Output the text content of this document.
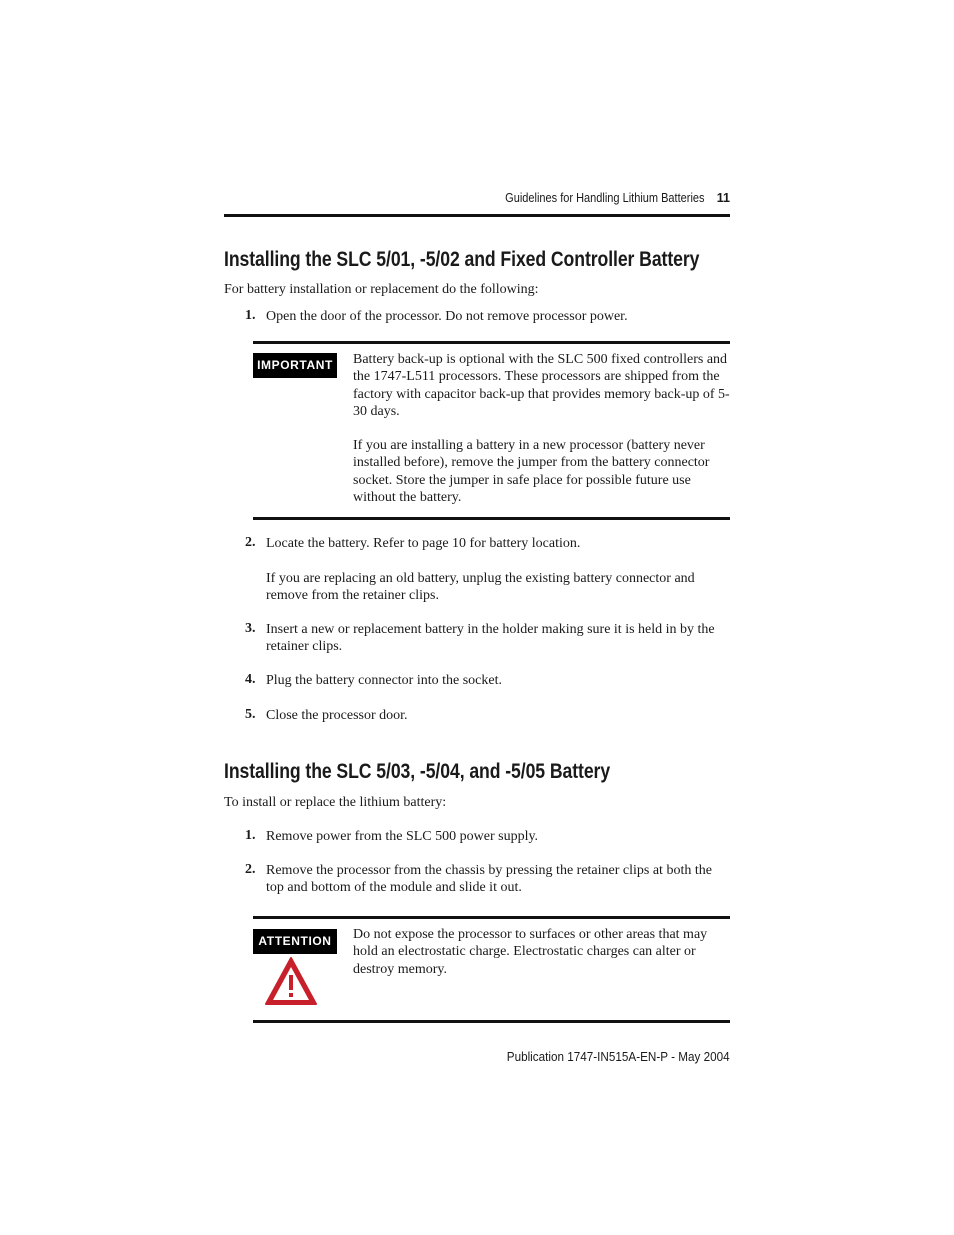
Guidelines for Handling Lithium Batteries 11
Installing the SLC 5/01, -5/02 and Fixed Controller Battery
For battery installation or replacement do the following:
1. Open the door of the processor. Do not remove processor power.
IMPORTANT Battery back-up is optional with the SLC 500 fixed controllers and the 1747-L511 processors. These processors are shipped from the factory with capacitor back-up that provides memory back-up of 5-30 days.
If you are installing a battery in a new processor (battery never installed before), remove the jumper from the battery connector socket. Store the jumper in safe place for possible future use without the battery.
2. Locate the battery. Refer to page 10 for battery location.
If you are replacing an old battery, unplug the existing battery connector and remove from the retainer clips.
3. Insert a new or replacement battery in the holder making sure it is held in by the retainer clips.
4. Plug the battery connector into the socket.
5. Close the processor door.
Installing the SLC 5/03, -5/04, and -5/05 Battery
To install or replace the lithium battery:
1. Remove power from the SLC 500 power supply.
2. Remove the processor from the chassis by pressing the retainer clips at both the top and bottom of the module and slide it out.
ATTENTION	Do not expose the processor to surfaces or other areas that may hold an electrostatic charge. Electrostatic charges can alter or destroy memory.
Publication 1747-IN515A-EN-P - May 2004
